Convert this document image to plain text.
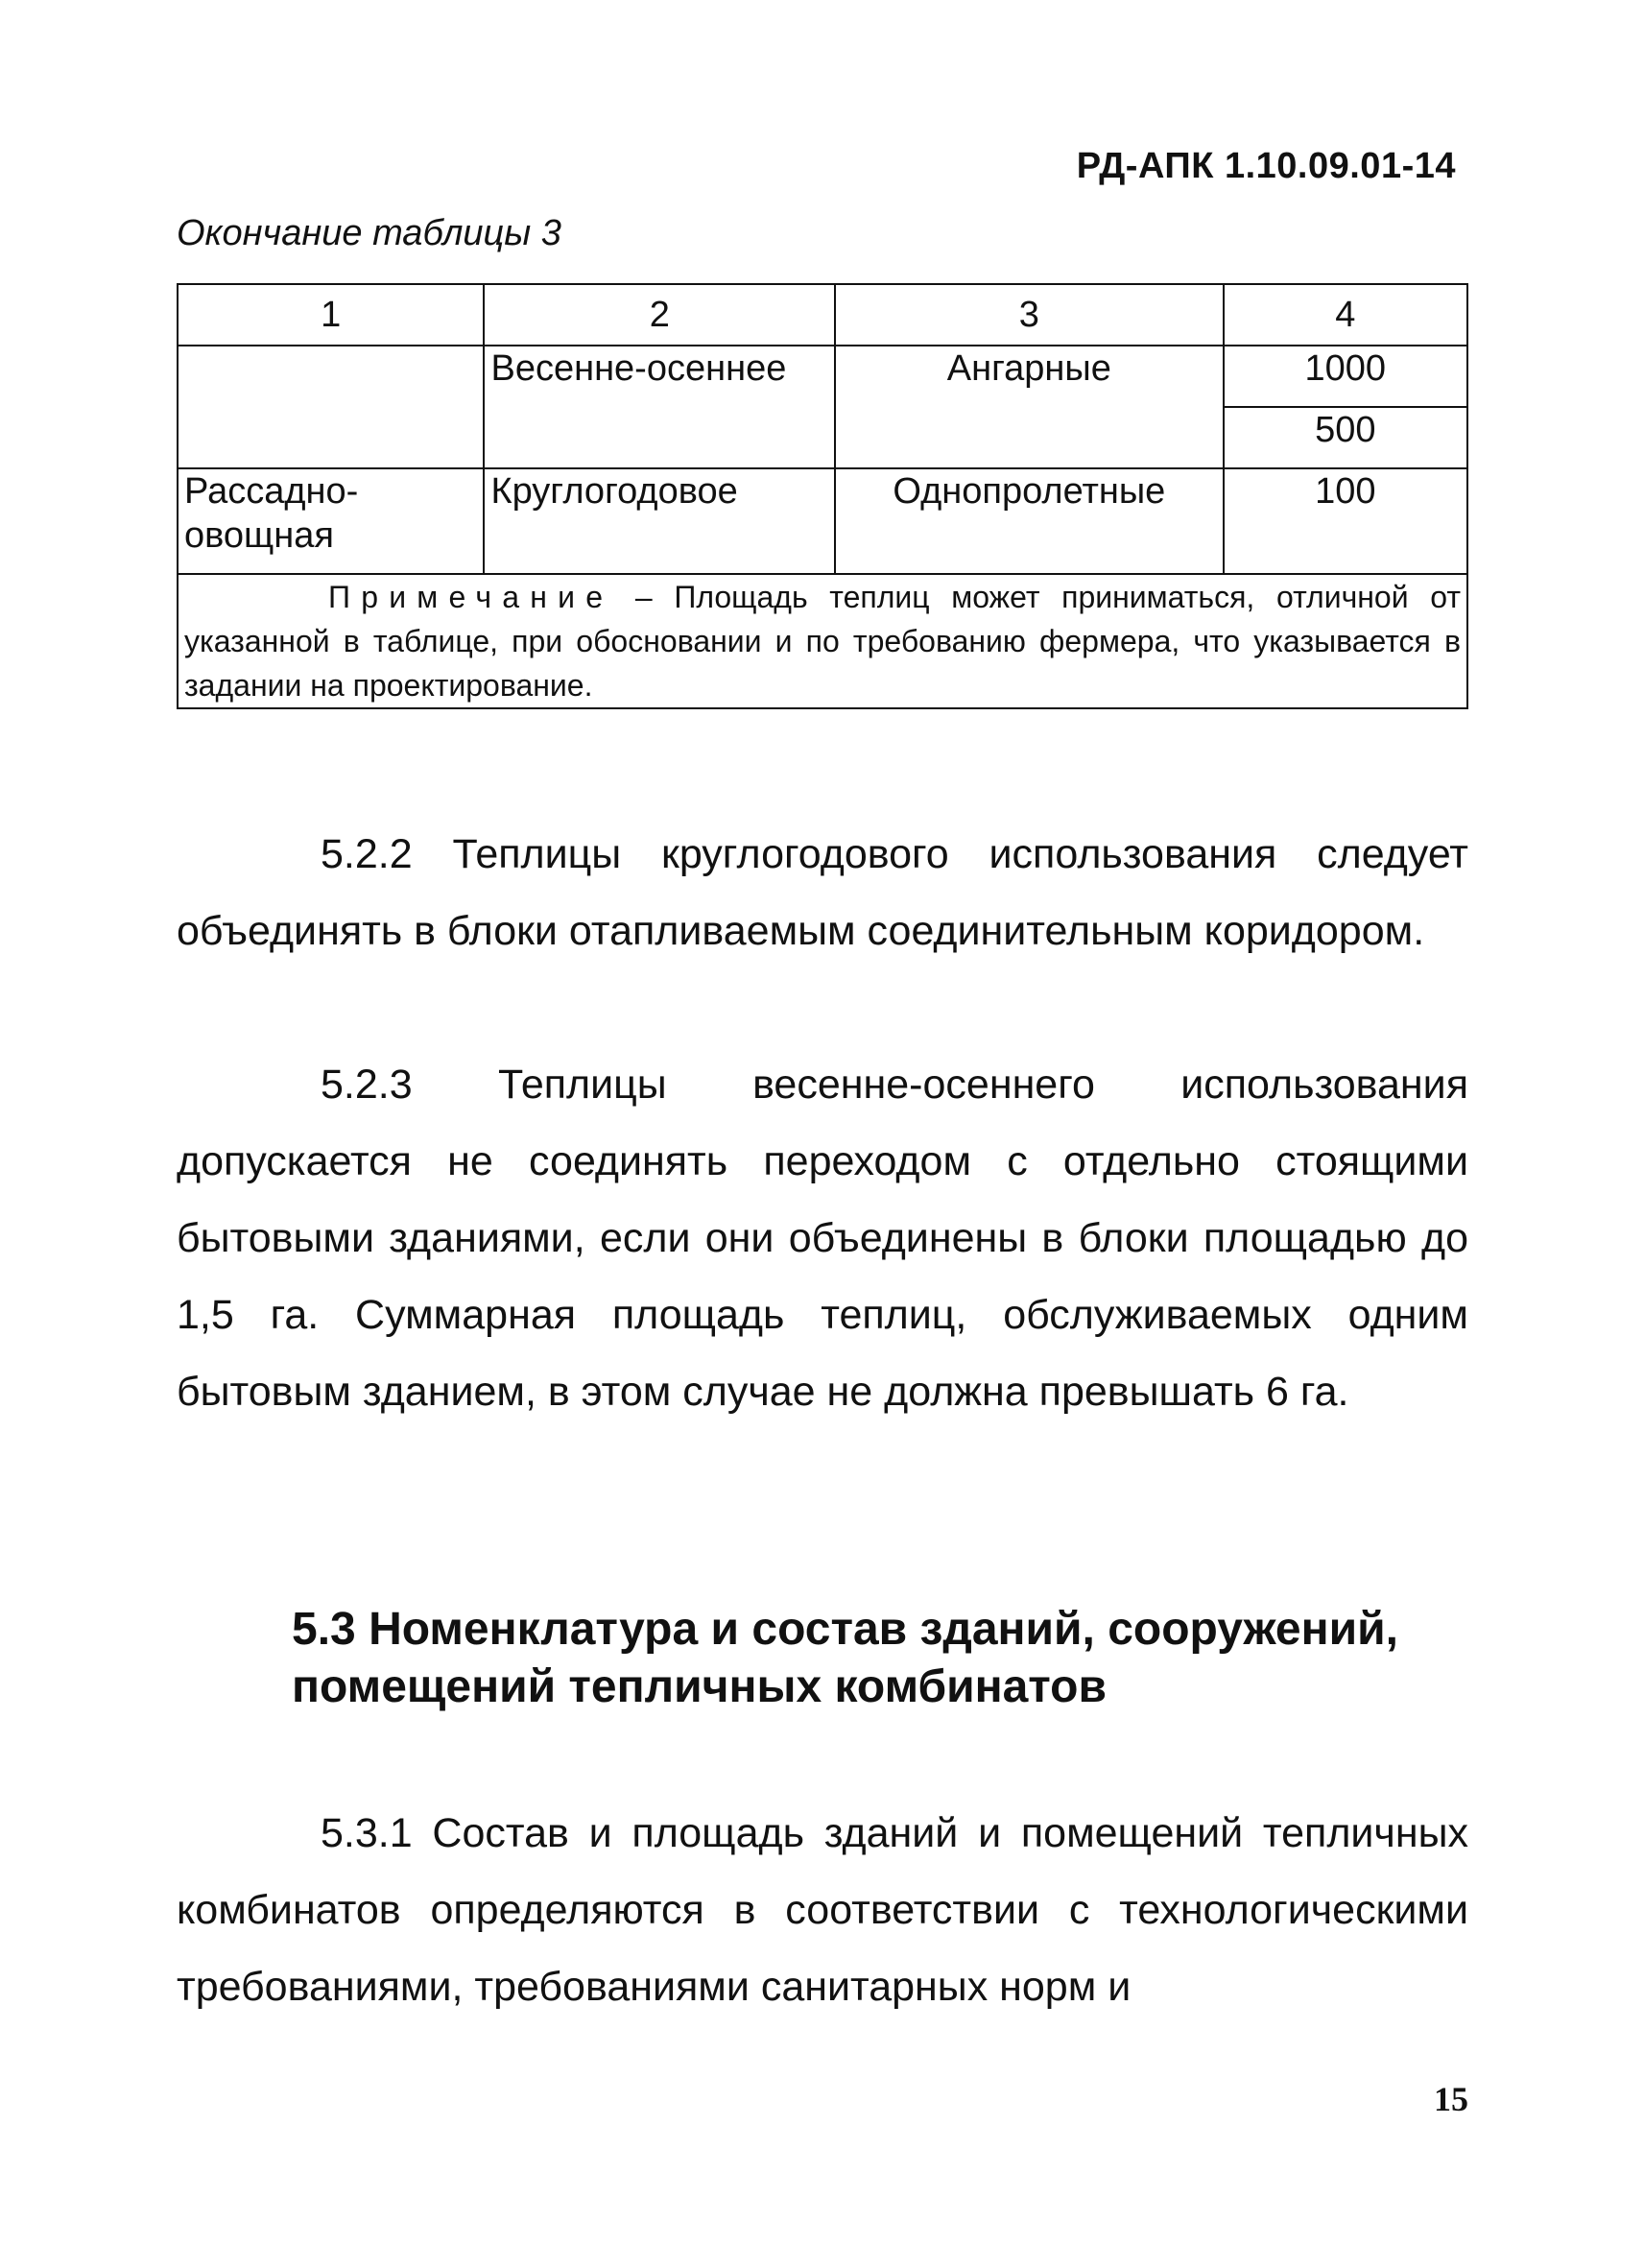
РД-АПК 1.10.09.01-14
Окончание таблицы 3
1	2	3	4
	Весенне-осеннее	Ангарные	1000
			500
Рассадно-овощная	Круглогодовое	Однопролетные	100
Примечание – Площадь теплиц может приниматься, отличной от указанной в таблице, при обосновании и по требованию фермера, что указывается в задании на проектирование.			

5.2.2 Теплицы круглогодового использования следует объединять в блоки отапливаемым соединительным коридором.

5.2.3 Теплицы весенне-осеннего использования допускается не соединять переходом с отдельно стоящими бытовыми зданиями, если они объединены в блоки площадью до 1,5 га. Суммарная площадь теплиц, обслуживаемых одним бытовым зданием, в этом случае не должна превышать 6 га.

5.3 Номенклатура и состав зданий, сооружений, помещений тепличных комбинатов

5.3.1 Состав и площадь зданий и помещений тепличных комбинатов определяются в соответствии с технологическими требованиями, требованиями санитарных норм и

15
